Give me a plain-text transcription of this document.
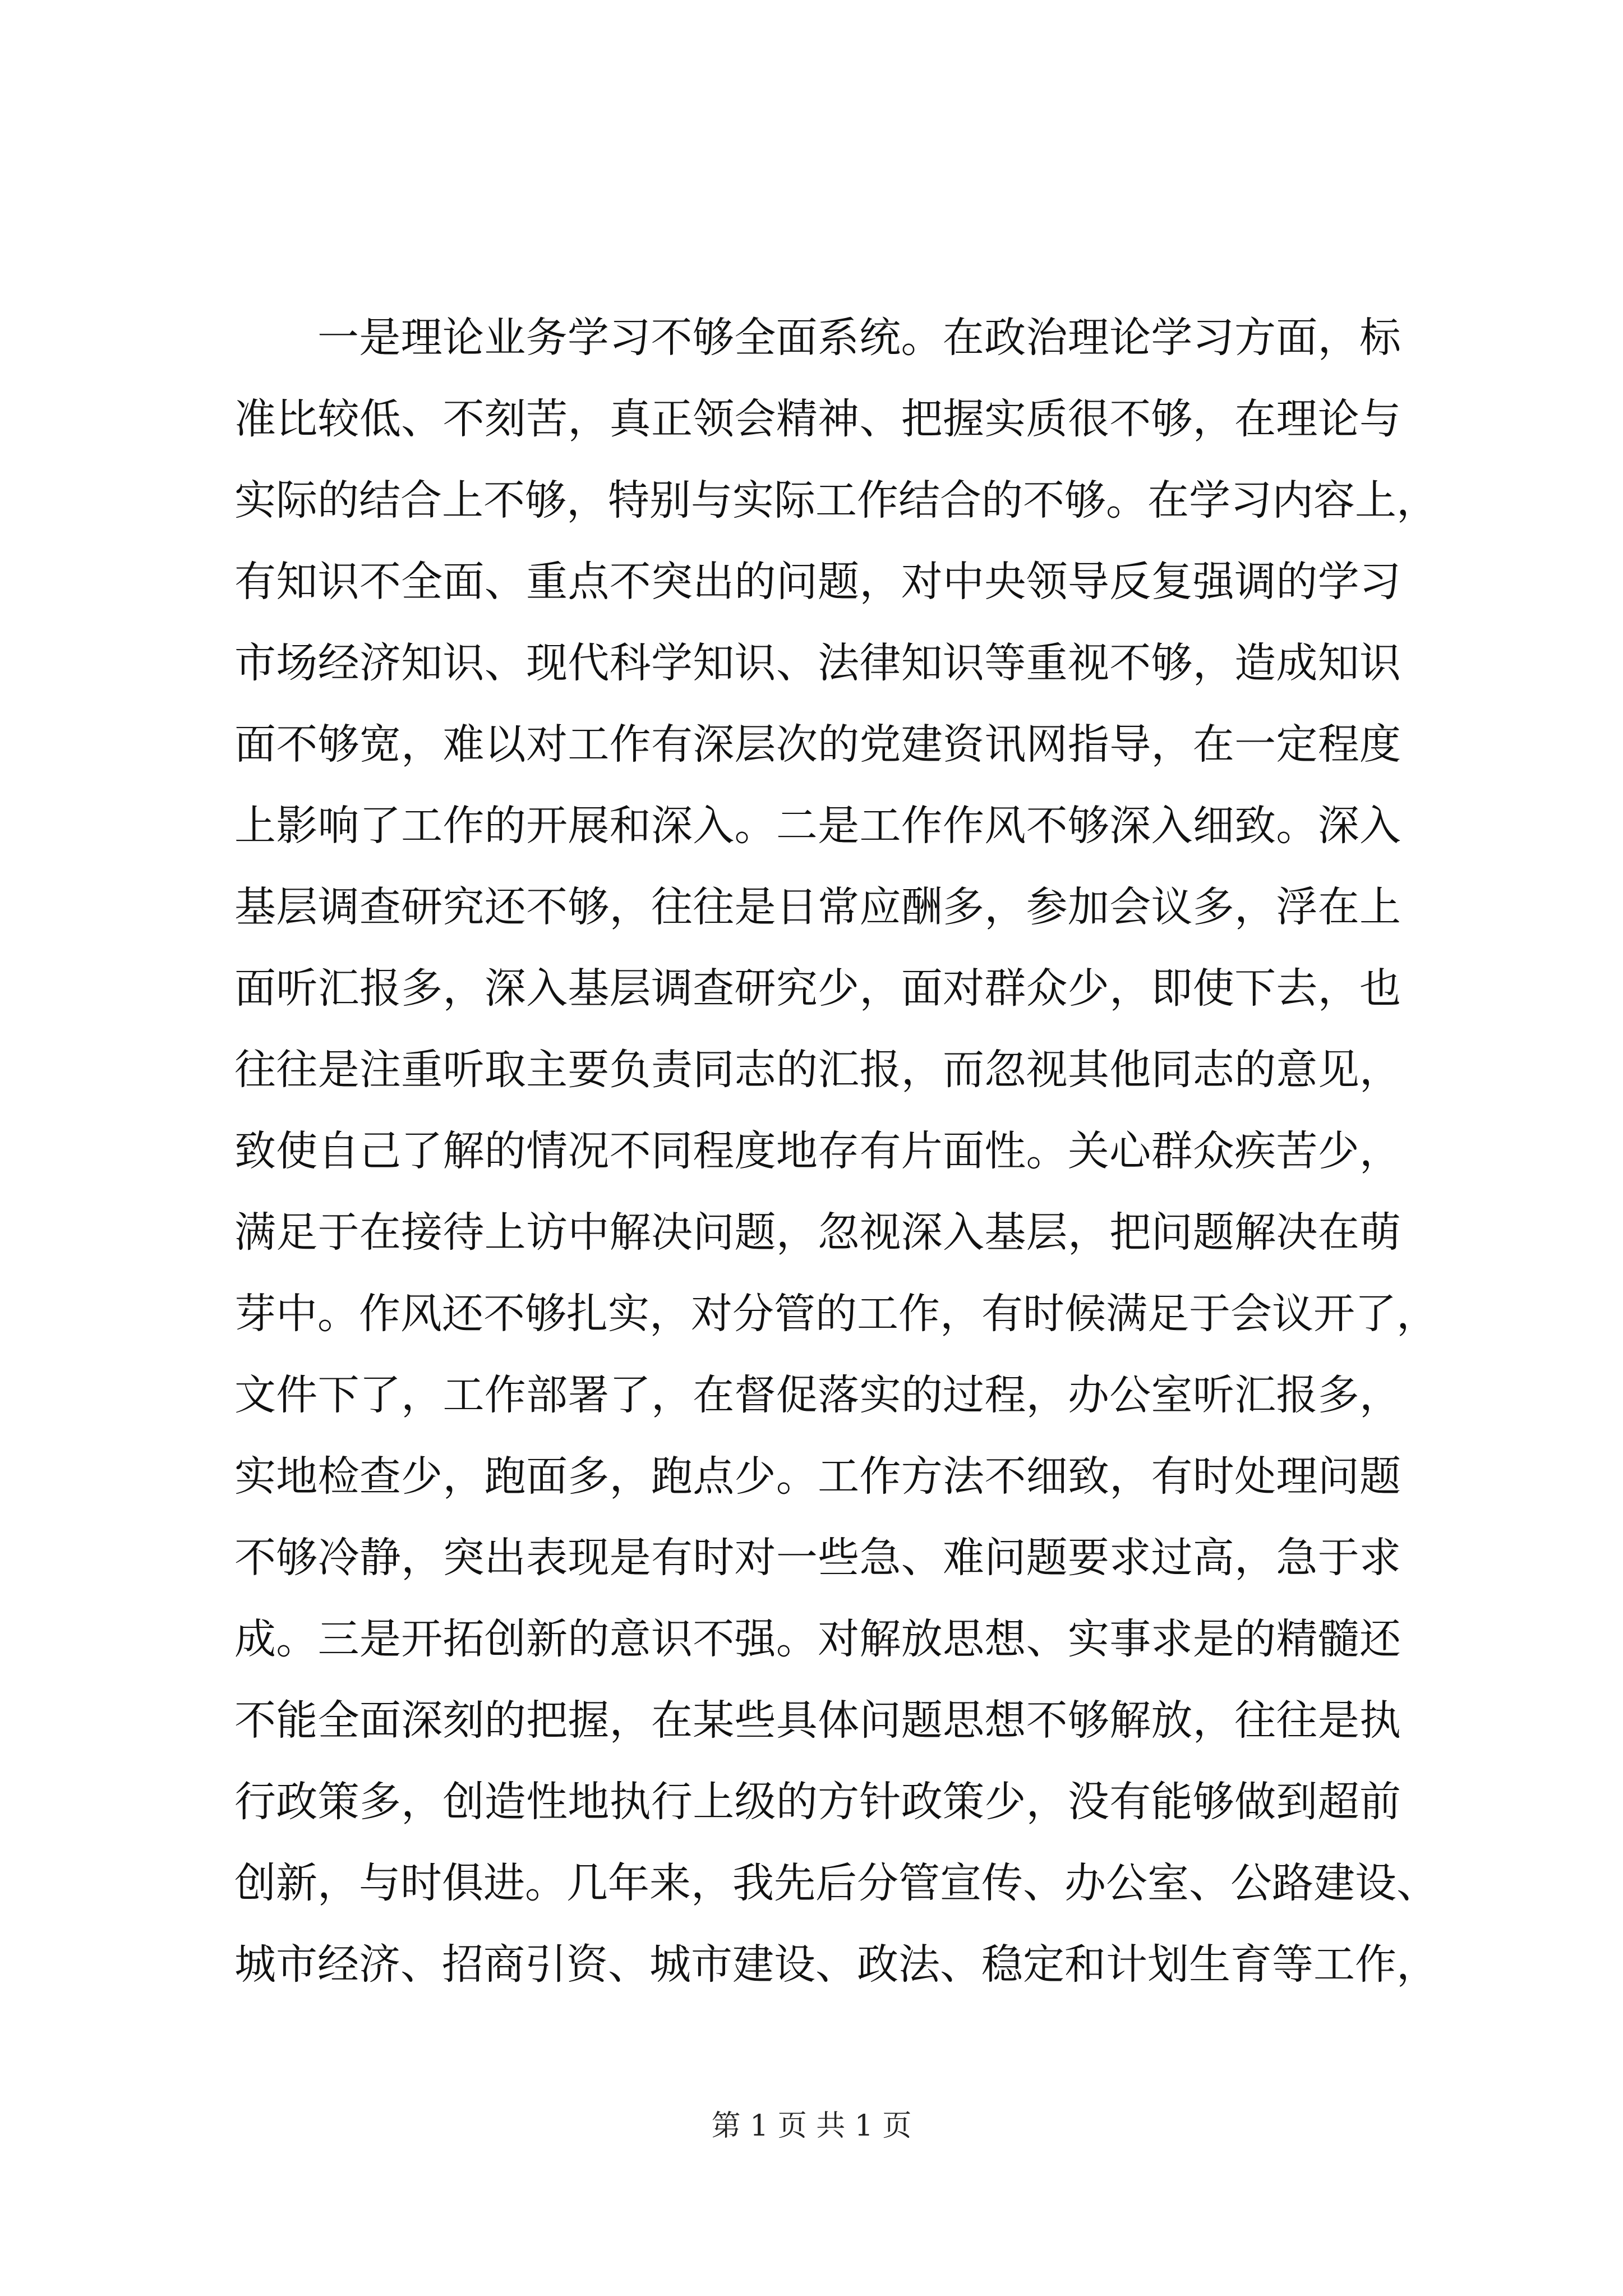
一是理论业务学习不够全面系统。在政治理论学习方面，标
准比较低、不刻苦，真正领会精神、把握实质很不够，在理论与
实际的结合上不够，特别与实际工作结合的不够。在学习内容上，
有知识不全面、重点不突出的问题，对中央领导反复强调的学习
市场经济知识、现代科学知识、法律知识等重视不够，造成知识
面不够宽，难以对工作有深层次的党建资讯网指导，在一定程度
上影响了工作的开展和深入。二是工作作风不够深入细致。深入
基层调查研究还不够，往往是日常应酬多，参加会议多，浮在上
面听汇报多，深入基层调查研究少，面对群众少，即使下去，也
往往是注重听取主要负责同志的汇报，而忽视其他同志的意见，
致使自己了解的情况不同程度地存有片面性。关心群众疾苦少，
满足于在接待上访中解决问题，忽视深入基层，把问题解决在萌
芽中。作风还不够扎实，对分管的工作，有时候满足于会议开了，
文件下了，工作部署了，在督促落实的过程，办公室听汇报多，
实地检查少，跑面多，跑点少。工作方法不细致，有时处理问题
不够冷静，突出表现是有时对一些急、难问题要求过高，急于求
成。三是开拓创新的意识不强。对解放思想、实事求是的精髓还
不能全面深刻的把握，在某些具体问题思想不够解放，往往是执
行政策多，创造性地执行上级的方针政策少，没有能够做到超前
创新，与时俱进。几年来，我先后分管宣传、办公室、公路建设、
城市经济、招商引资、城市建设、政法、稳定和计划生育等工作，
第 1 页 共 1 页
